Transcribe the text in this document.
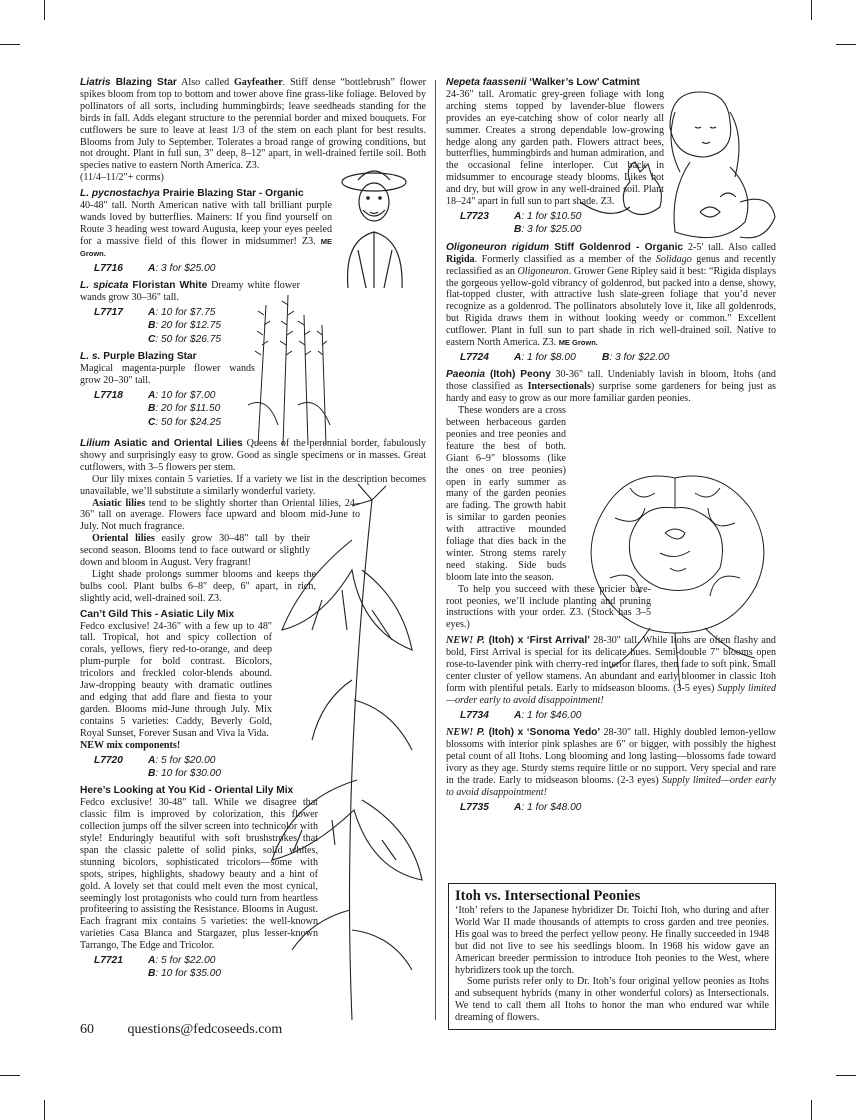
Liatris Blazing Star Also called Gayfeather. Stiff dense “bottlebrush” flower spikes bloom from top to bottom and tower above fine grass-like foliage. Beloved by pollinators of all sorts, including hummingbirds; leave seedheads standing for the birds in fall. Adds elegant structure to the perennial border and mixed bouquets. For cutflowers be sure to leave at least 1/3 of the stem on each plant for best results. Blooms from July to September. Tolerates a broad range of growing conditions, but not drought. Plant in full sun, 3" deep, 8–12" apart, in well-drained fertile soil. Both species native to eastern North America. Z3.
(11/4–11/2"+ corms)
L. pycnostachya Prairie Blazing Star - Organic
40-48" tall. North American native with tall brilliant purple wands loved by butterflies. Mainers: If you find yourself on Route 3 heading west toward Augusta, keep your eyes peeled for a massive field of this flower in midsummer! Z3. ME Grown.
L7716	A: 3 for $25.00
L. spicata Floristan White Dreamy white flower wands grow 30–36" tall.
L7717	A: 10 for $7.75
	B: 20 for $12.75
	C: 50 for $26.75
L. s. Purple Blazing Star
Magical magenta-purple flower wands grow 20–30" tall.
L7718	A: 10 for $7.00
	B: 20 for $11.50
	C: 50 for $24.25
Lilium Asiatic and Oriental Lilies Queens of the perennial border, fabulously showy and surprisingly easy to grow. Good as single specimens or in masses. Great cutflowers, with 3–5 flowers per stem.
Our lily mixes contain 5 varieties. If a variety we list in the description becomes unavailable, we’ll substitute a similarly wonderful variety.
Asiatic lilies tend to be slightly shorter than Oriental lilies, 24–36" tall on average. Flowers face upward and bloom mid-June to July. Not much fragrance.
Oriental lilies easily grow 30–48" tall by their second season. Blooms tend to face outward or slightly down and bloom in August. Very fragrant!
Light shade prolongs summer blooms and keeps the bulbs cool. Plant bulbs 6–8" deep, 6" apart, in rich, slightly acid, well-drained soil. Z3.
Can’t Gild This - Asiatic Lily Mix
Fedco exclusive! 24-36" with a few up to 48" tall. Tropical, hot and spicy collection of corals, yellows, fiery red-to-orange, and deep plum-purple for bold contrast. Bicolors, tricolors and freckled color-blends abound. Jaw-dropping beauty with dramatic outlines and edging that add flare and fiesta to your garden. Blooms mid-June through July. Mix contains 5 varieties: Caddy, Beverly Gold, Royal Sunset, Forever Susan and Viva la Vida.
NEW mix components!
L7720	A: 5 for $20.00
	B: 10 for $30.00
Here’s Looking at You Kid - Oriental Lily Mix
Fedco exclusive! 30-48" tall. While we disagree that classic film is improved by colorization, this flower collection jumps off the silver screen into technicolor with style! Enduringly beautiful with soft brushstrokes that span the classic palette of solid pinks, solid whites, stunning bicolors, sophisticated tricolors—some with spots, stripes, highlights, shadowy beauty and a hint of gold. A lovely set that could melt even the most cynical, seemingly lost protagonists who could turn from heartless profiteering to assisting the Resistance. Blooms in August. Each fragrant mix contains 5 varieties: the well-known varieties Casa Blanca and Stargazer, plus lesser-known Tarrango, The Edge and Tricolor.
L7721	A: 5 for $22.00
	B: 10 for $35.00
Nepeta faassenii ‘Walker’s Low’ Catmint
24-36" tall. Aromatic grey-green foliage with long arching stems topped by lavender-blue flowers provides an eye-catching show of color nearly all summer. Creates a strong dependable low-growing hedge along any garden path. Flowers attract bees, butterflies, hummingbirds and human admiration, and the occasional feline interloper. Cut back in midsummer to encourage steady blooms. Likes hot and dry, but will grow in any well-drained soil. Plant 18–24" apart in full sun to part shade. Z3.
L7723	A: 1 for $10.50
	B: 3 for $25.00
Oligoneuron rigidum Stiff Goldenrod - Organic 2-5' tall. Also called Rigida. Formerly classified as a member of the Solidago genus and recently reclassified as an Oligoneuron. Grower Gene Ripley said it best: “Rigida displays the gorgeous yellow-gold vibrancy of goldenrod, but packed into a dense, showy, flat-topped cluster, with attractive lush slate-green foliage that you’d never recognize as a goldenrod. The pollinators absolutely love it, like all goldenrods, but Rigida draws them in without looking weedy or common.” Excellent cutflower. Plant in full sun to part shade in rich well-drained soil. Native to eastern North America. Z3. ME Grown.
L7724	A: 1 for $8.00	B: 3 for $22.00
Paeonia (Itoh) Peony 30-36" tall. Undeniably lavish in bloom, Itohs (and those classified as Intersectionals) surprise some gardeners for being just as hardy and easy to grow as our more familiar garden peonies.
These wonders are a cross between herbaceous garden peonies and tree peonies and feature the best of both. Giant 6–9" blossoms (like the ones on tree peonies) open in early summer as many of the garden peonies are fading. The growth habit is similar to garden peonies with attractive mounded foliage that dies back in the winter. Strong stems rarely need staking. Side buds bloom late into the season.
To help you succeed with these pricier bare-root peonies, we’ll include planting and pruning instructions with your order. Z3. (Stock has 3–5 eyes.)
NEW! P. (Itoh) x ‘First Arrival’ 28-30" tall. While Itohs are often flashy and bold, First Arrival is special for its delicate hues. Semi-double 7" blooms open rose-to-lavender pink with cherry-red interior flares, then fade to soft pink. Small center cluster of yellow stamens. An abundant and early bloomer in classic Itoh form with plentiful petals. Early to midseason blooms. (3-5 eyes) Supply limited—order early to avoid disappointment!
L7734	A: 1 for $46.00
NEW! P. (Itoh) x ‘Sonoma Yedo’ 28-30" tall. Highly doubled lemon-yellow blossoms with interior pink splashes are 6" or bigger, with possibly the highest petal count of all Itohs. Long blooming and long lasting—blossoms fade toward ivory as they age. Sturdy stems require little or no support. Very special and rare in the trade. Early to midseason blooms. (2-3 eyes) Supply limited—order early to avoid disappointment!
L7735	A: 1 for $48.00
Itoh vs. Intersectional Peonies
‘Itoh’ refers to the Japanese hybridizer Dr. Toichi Itoh, who during and after World War II made thousands of attempts to cross garden and tree peonies. His goal was to breed the perfect yellow peony. He finally succeeded in 1948 but did not live to see his seedlings bloom. In 1968 his widow gave an American breeder permission to introduce Itoh peonies to the West, where hybridizers took up the torch.
Some purists refer only to Dr. Itoh’s four original yellow peonies as Itohs and subsequent hybrids (many in other wonderful colors) as Intersectionals. We tend to call them all Itohs to honor the man who endured war while dreaming of flowers.
60 questions@fedcoseeds.com
